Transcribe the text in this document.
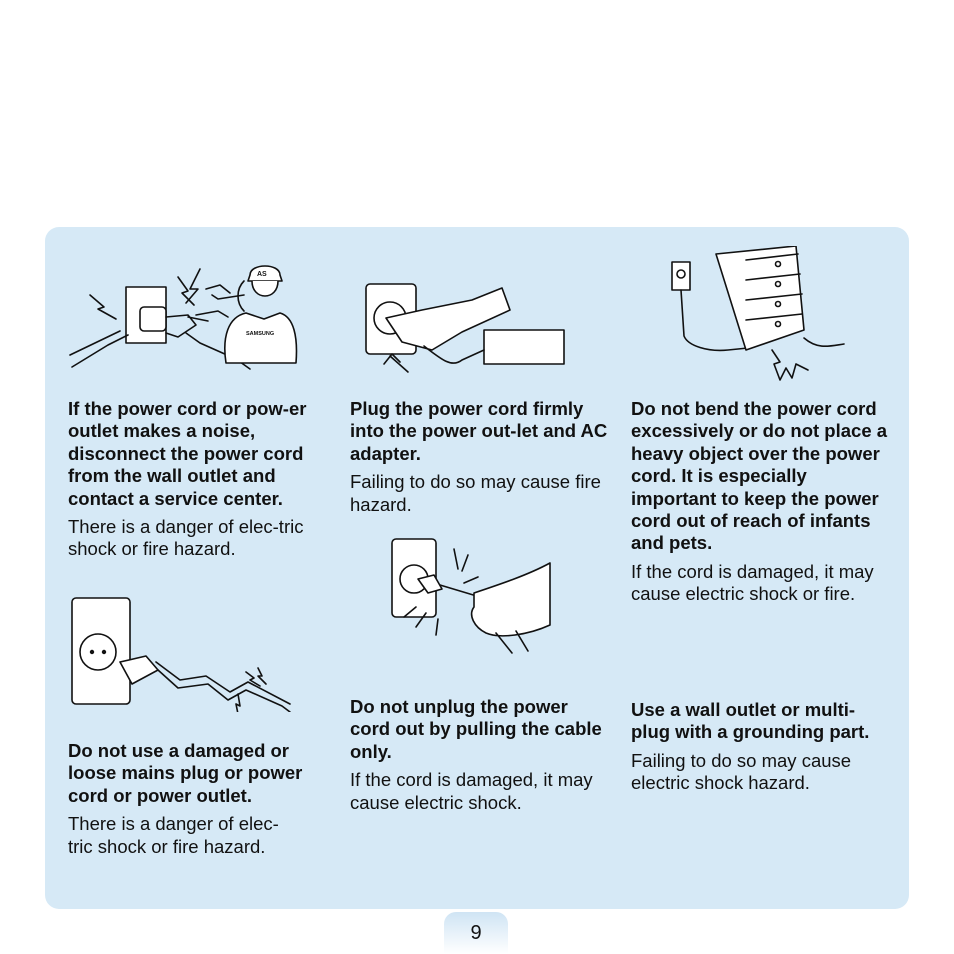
AS
SAMSUNG

If the power cord or pow-er outlet makes a noise, disconnect the power cord from the wall outlet and contact a service center.

There is a danger of elec-tric shock or fire hazard.

Do not use a damaged or loose mains plug or power cord or power outlet.

There is a danger of elec-tric shock or fire hazard.

Plug the power cord firmly into the power out-let and AC adapter.

Failing to do so may cause fire hazard.

Do not unplug the power cord out by pulling the cable only.

If the cord is damaged, it may cause electric shock.

Do not bend the power cord excessively or do not place a heavy object over the power cord. It is especially important to keep the power cord out of reach of infants and pets.

If the cord is damaged, it may cause electric shock or fire.

Use a wall outlet or multi-plug with a grounding part.

Failing to do so may cause electric shock hazard.

9
